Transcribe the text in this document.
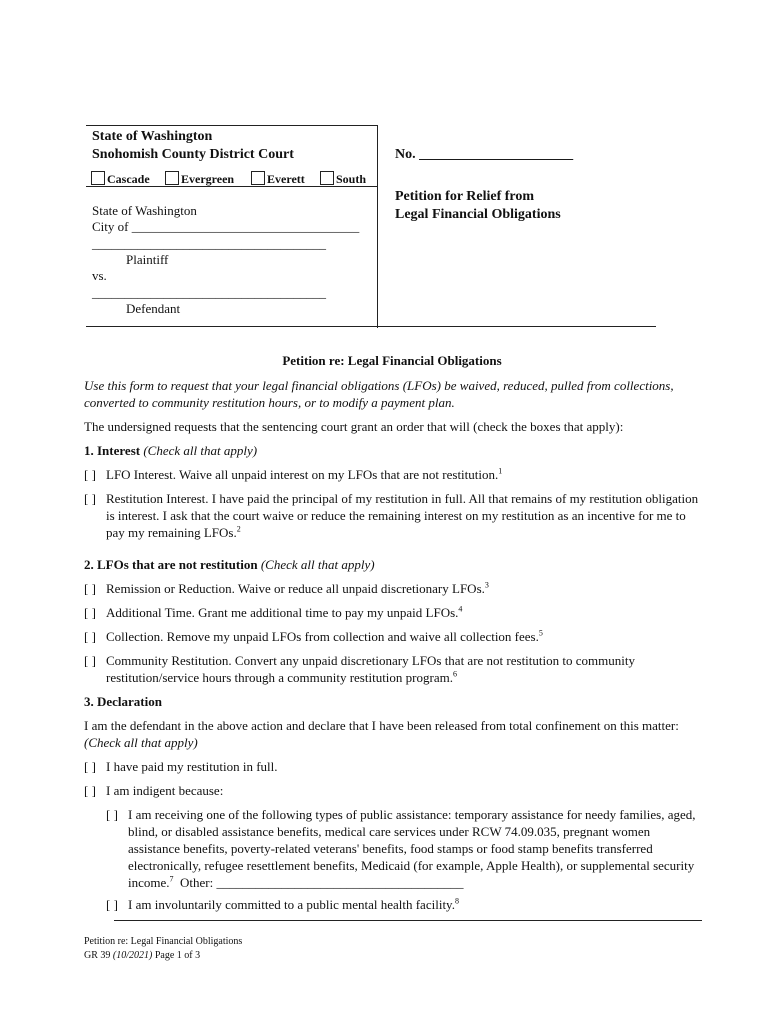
State of Washington
Snohomish County District Court
Cascade	Evergreen	Everett	South
State of Washington
City of ___________________________________
____________________________________
Plaintiff
vs.
____________________________________
Defendant
No. ______________________
Petition for Relief from
Legal Financial Obligations
Petition re: Legal Financial Obligations
Use this form to request that your legal financial obligations (LFOs) be waived, reduced, pulled from collections, converted to community restitution hours, or to modify a payment plan.
The undersigned requests that the sentencing court grant an order that will (check the boxes that apply):
1. Interest (Check all that apply)
[ ] LFO Interest. Waive all unpaid interest on my LFOs that are not restitution.$^1$
[ ] Restitution Interest. I have paid the principal of my restitution in full. All that remains of my restitution obligation is interest. I ask that the court waive or reduce the remaining interest on my restitution as an incentive for me to pay my remaining LFOs.$^2$
2. LFOs that are not restitution (Check all that apply)
[ ] Remission or Reduction. Waive or reduce all unpaid discretionary LFOs.$^3$
[ ] Additional Time. Grant me additional time to pay my unpaid LFOs.$^4$
[ ] Collection. Remove my unpaid LFOs from collection and waive all collection fees.$^5$
[ ] Community Restitution. Convert any unpaid discretionary LFOs that are not restitution to community restitution/service hours through a community restitution program.$^6$
3. Declaration
I am the defendant in the above action and declare that I have been released from total confinement on this matter: (Check all that apply)
[ ] I have paid my restitution in full.
[ ] I am indigent because:
[ ] I am receiving one of the following types of public assistance: temporary assistance for needy families, aged, blind, or disabled assistance benefits, medical care services under RCW 74.09.035, pregnant women assistance benefits, poverty-related veterans' benefits, food stamps or food stamp benefits transferred electronically, refugee resettlement benefits, Medicaid (for example, Apple Health), or supplemental security income.$^7$ Other: ______________________________________
[ ] I am involuntarily committed to a public mental health facility.$^8$
Petition re: Legal Financial Obligations
GR 39 (10/2021) Page 1 of 3
